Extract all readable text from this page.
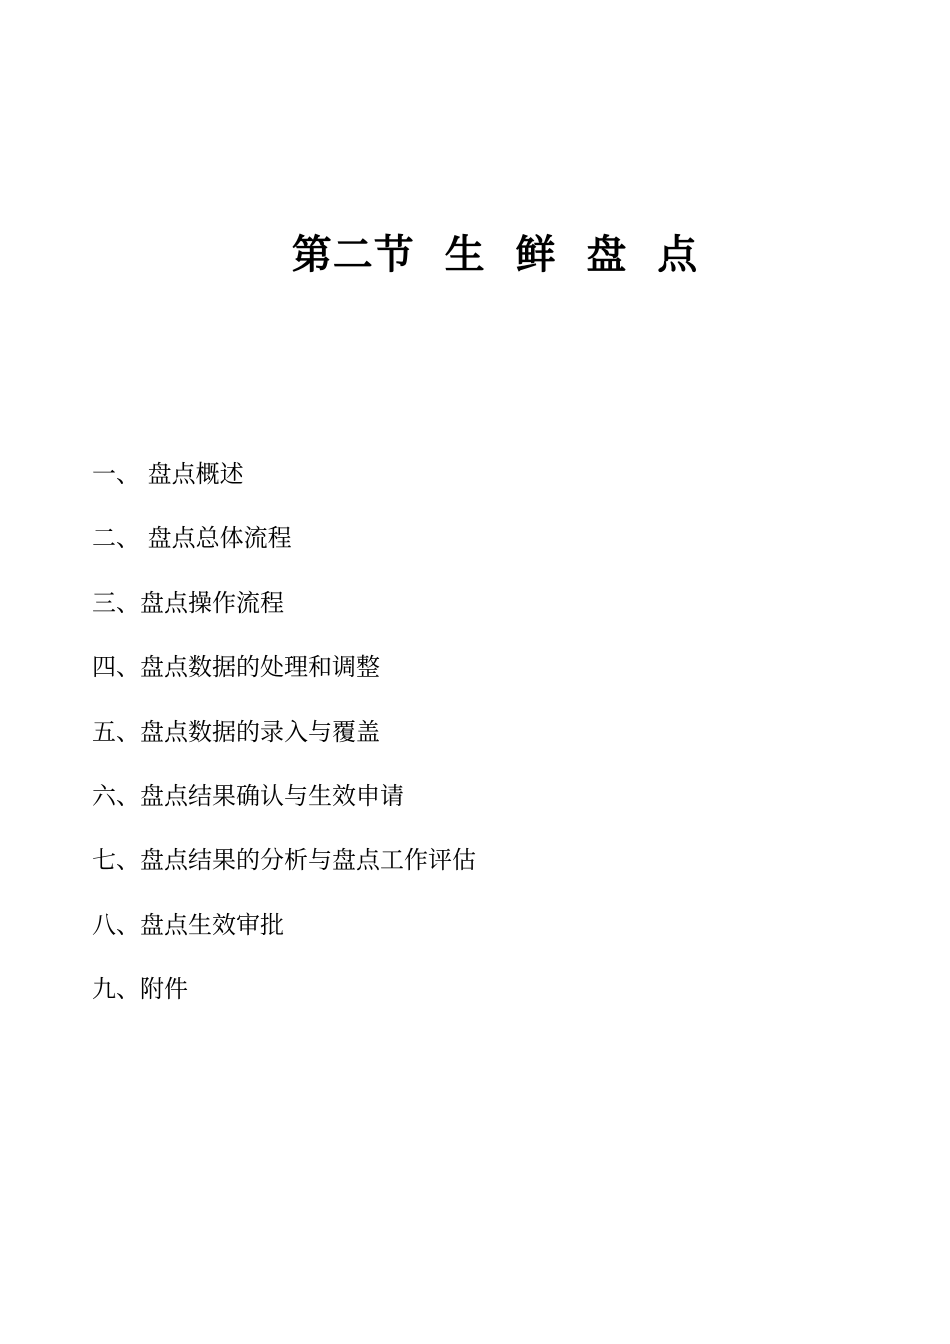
第二节  生  鲜  盘  点
一、 盘点概述
二、 盘点总体流程
三、盘点操作流程
四、盘点数据的处理和调整
五、盘点数据的录入与覆盖
六、盘点结果确认与生效申请
七、盘点结果的分析与盘点工作评估
八、盘点生效审批
九、附件
